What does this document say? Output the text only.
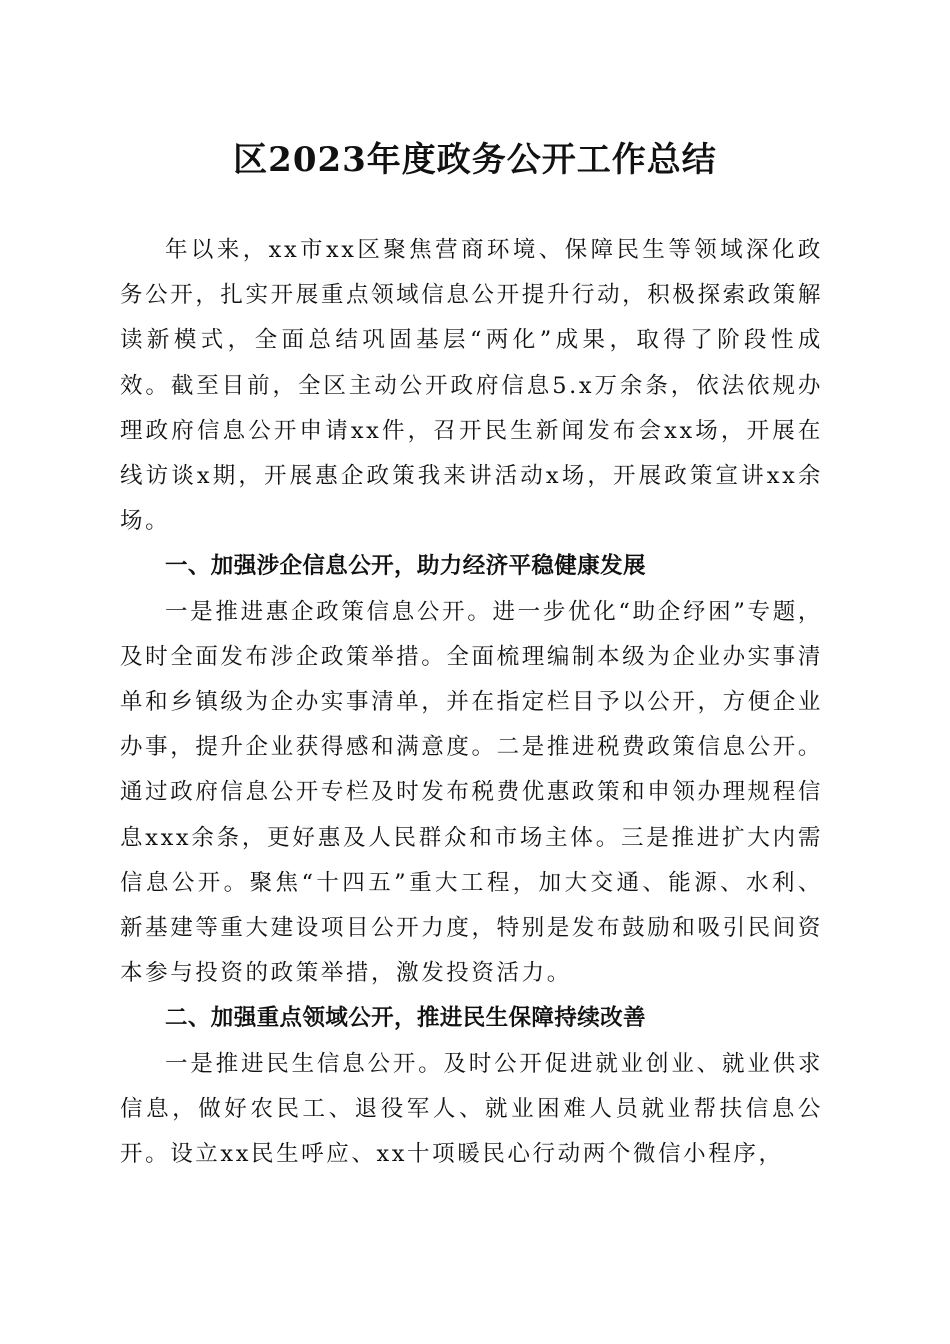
区2023年度政务公开工作总结

年以来，xx市xx区聚焦营商环境、保障民生等领域深化政务公开，扎实开展重点领域信息公开提升行动，积极探索政策解读新模式，全面总结巩固基层“两化”成果，取得了阶段性成效。截至目前，全区主动公开政府信息5.x万余条，依法依规办理政府信息公开申请xx件，召开民生新闻发布会xx场，开展在线访谈x期，开展惠企政策我来讲活动x场，开展政策宣讲xx余场。

一、加强涉企信息公开，助力经济平稳健康发展

一是推进惠企政策信息公开。进一步优化“助企纾困”专题，及时全面发布涉企政策举措。全面梳理编制本级为企业办实事清单和乡镇级为企办实事清单，并在指定栏目予以公开，方便企业办事，提升企业获得感和满意度。二是推进税费政策信息公开。通过政府信息公开专栏及时发布税费优惠政策和申领办理规程信息xxx余条，更好惠及人民群众和市场主体。三是推进扩大内需信息公开。聚焦“十四五”重大工程，加大交通、能源、水利、新基建等重大建设项目公开力度，特别是发布鼓励和吸引民间资本参与投资的政策举措，激发投资活力。

二、加强重点领域公开，推进民生保障持续改善

一是推进民生信息公开。及时公开促进就业创业、就业供求信息，做好农民工、退役军人、就业困难人员就业帮扶信息公开。设立xx民生呼应、xx十项暖民心行动两个微信小程序，
